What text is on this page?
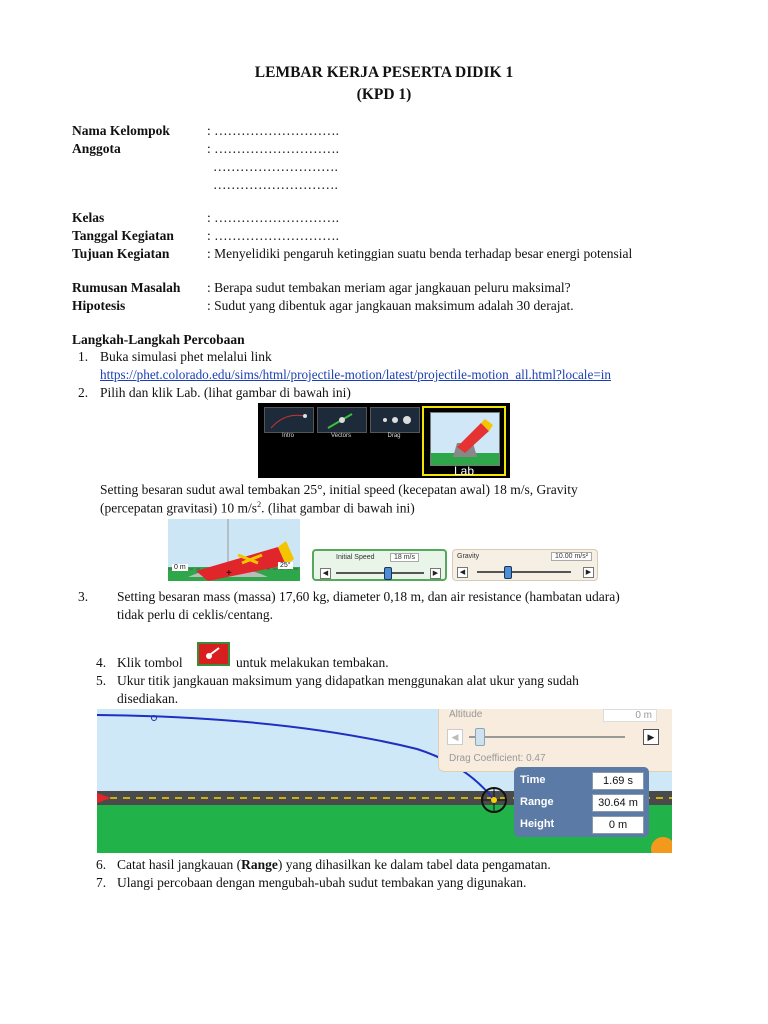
LEMBAR KERJA PESERTA DIDIK 1
(KPD 1)
Nama Kelompok	: ……………………….
Anggota	: ……………………….
……………………….
……………………….
Kelas	: ……………………….
Tanggal Kegiatan : ……………………….
Tujuan Kegiatan	: Menyelidiki pengaruh ketinggian suatu benda terhadap besar energi potensial
Rumusan Masalah : Berapa sudut tembakan meriam agar jangkauan peluru maksimal?
Hipotesis	: Sudut yang dibentuk agar jangkauan maksimum adalah 30 derajat.
Langkah-Langkah Percobaan
1. Buka simulasi phet melalui link
https://phet.colorado.edu/sims/html/projectile-motion/latest/projectile-motion_all.html?locale=in
2. Pilih dan klik Lab. (lihat gambar di bawah ini)
Intro	Vectors	Drag
Lab
Setting besaran sudut awal tembakan 25°, initial speed (kecepatan awal) 18 m/s, Gravity
(percepatan gravitasi) 10 $m/s^2$. (lihat gambar di bawah ini)
+
0 m	25°
Initial Speed	18 m/s
◀	▶
Gravity	10.00 m/s²
◀	▶
3. Setting besaran mass (massa) 17,60 kg, diameter 0,18 m, dan air resistance (hambatan udara)
tidak perlu di ceklis/centang.
4. Klik tombol	untuk melakukan tembakan.
5. Ukur titik jangkauan maksimum yang didapatkan menggunakan alat ukur yang sudah
disediakan.
Altitude	0 m
◀	▶
Drag Coefficient: 0.47
Time	1.69 s
Range	30.64 m
Height	0 m
6. Catat hasil jangkauan (Range) yang dihasilkan ke dalam tabel data pengamatan.
7. Ulangi percobaan dengan mengubah-ubah sudut tembakan yang digunakan.
